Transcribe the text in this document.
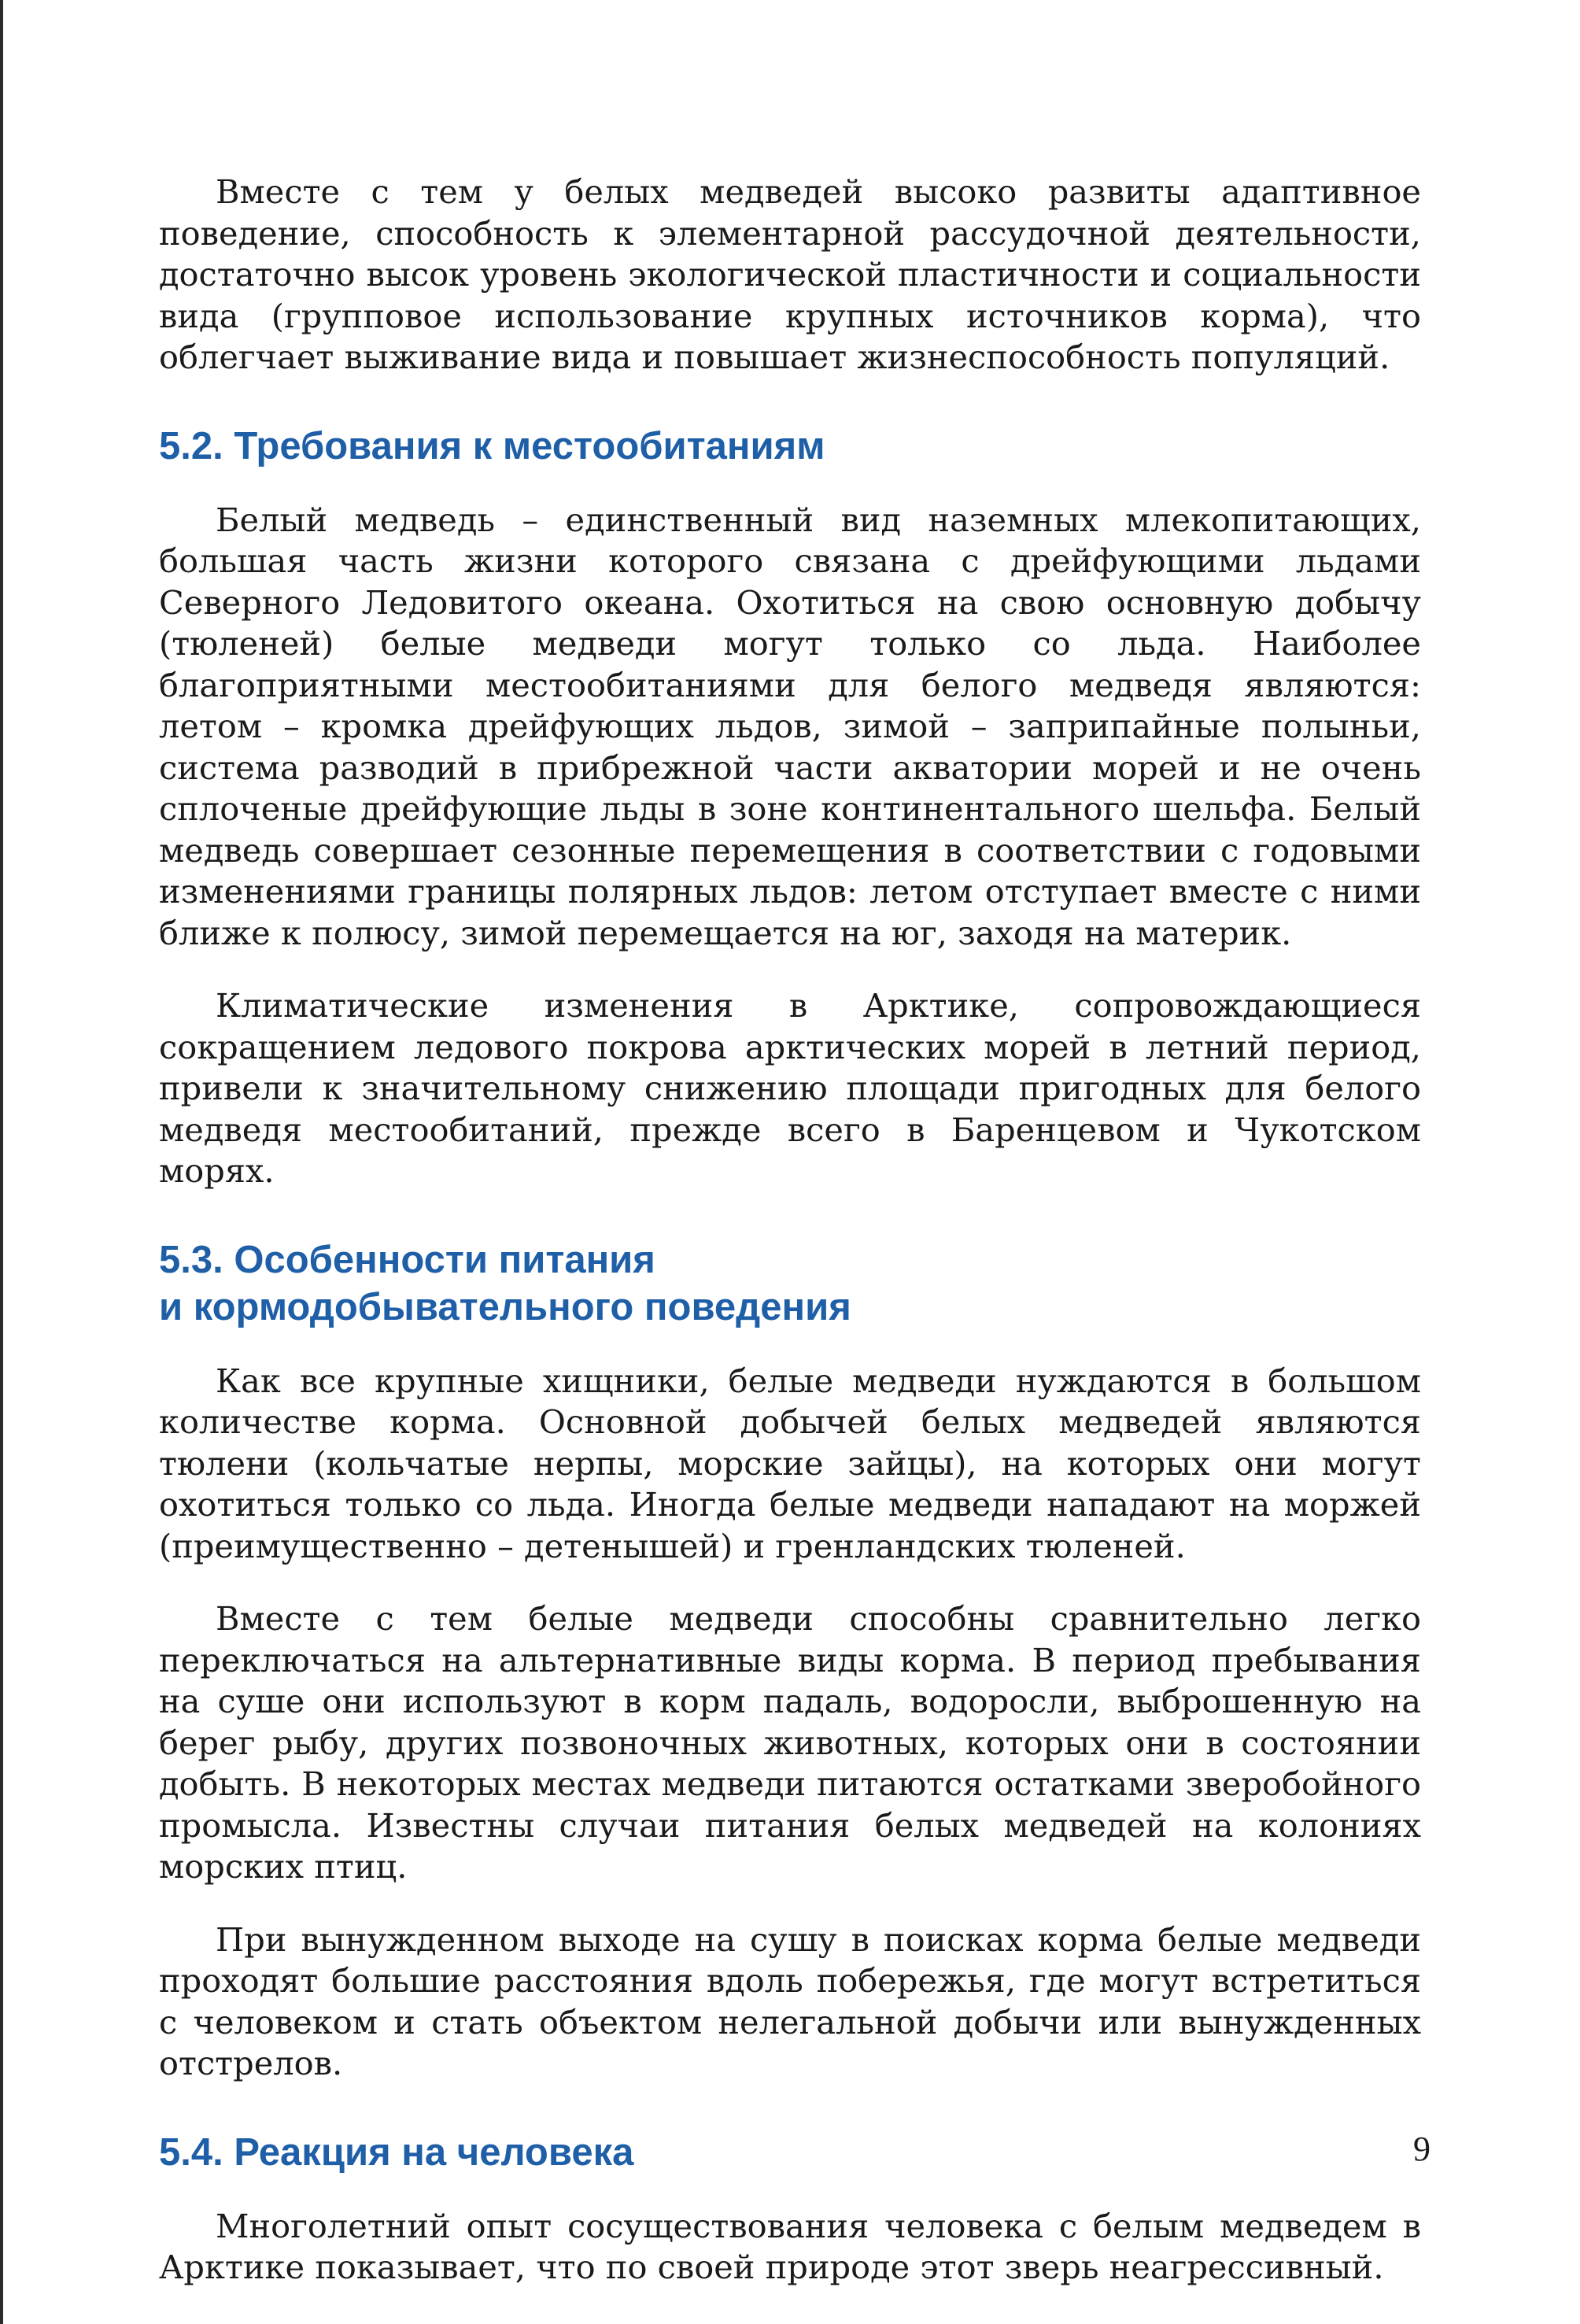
Вместе с тем у белых медведей высоко развиты адаптивное поведение, способность к элементарной рассудочной деятельности, достаточно высок уровень экологической пластичности и социальности вида (групповое использование крупных источников корма), что облегчает выживание вида и повышает жизнеспособность популяций.

5.2. Требования к местообитаниям

Белый медведь – единственный вид наземных млекопитающих, большая часть жизни которого связана с дрейфующими льдами Северного Ледовитого океана. Охотиться на свою основную добычу (тюленей) белые медведи могут только со льда. Наиболее благоприятными местообитаниями для белого медведя являются: летом – кромка дрейфующих льдов, зимой – заприпайные полыньи, система разводий в прибрежной части акватории морей и не очень сплоченые дрейфующие льды в зоне континентального шельфа. Белый медведь совершает сезонные перемещения в соответствии с годовыми изменениями границы полярных льдов: летом отступает вместе с ними ближе к полюсу, зимой перемещается на юг, заходя на материк.

Климатические изменения в Арктике, сопровождающиеся сокращением ледового покрова арктических морей в летний период, привели к значительному снижению площади пригодных для белого медведя местообитаний, прежде всего в Баренцевом и Чукотском морях.

5.3. Особенности питания
и кормодобывательного поведения

Как все крупные хищники, белые медведи нуждаются в большом количестве корма. Основной добычей белых медведей являются тюлени (кольчатые нерпы, морские зайцы), на которых они могут охотиться только со льда. Иногда белые медведи нападают на моржей (преимущественно – детенышей) и гренландских тюленей.

Вместе с тем белые медведи способны сравнительно легко переключаться на альтернативные виды корма. В период пребывания на суше они используют в корм падаль, водоросли, выброшенную на берег рыбу, других позвоночных животных, которых они в состоянии добыть. В некоторых местах медведи питаются остатками зверобойного промысла. Известны случаи питания белых медведей на колониях морских птиц.

При вынужденном выходе на сушу в поисках корма белые медведи проходят большие расстояния вдоль побережья, где могут встретиться с человеком и стать объектом нелегальной добычи или вынужденных отстрелов.

5.4. Реакция на человека

Многолетний опыт сосуществования человека с белым медведем в Арктике показывает, что по своей природе этот зверь неагрессивный.

9
